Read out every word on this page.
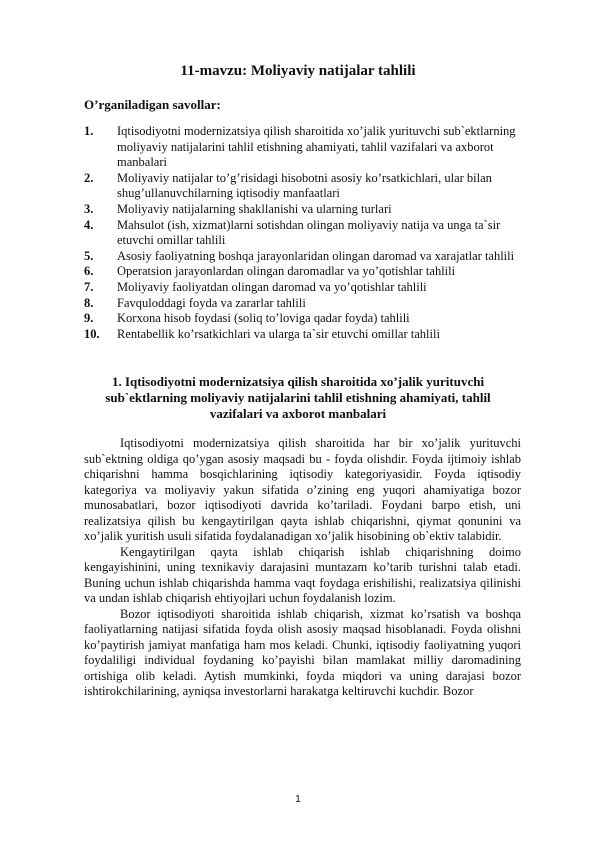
11-mavzu: Moliyaviy natijalar tahlili
O’rganiladigan savollar:
1.	Iqtisodiyotni modernizatsiya qilish sharoitida xo’jalik yurituvchi sub`ektlarning moliyaviy natijalarini tahlil etishning ahamiyati, tahlil vazifalari va axborot manbalari
2.	Moliyaviy natijalar to’g’risidagi hisobotni asosiy ko’rsatkichlari, ular bilan shug’ullanuvchilarning iqtisodiy manfaatlari
3.	Moliyaviy natijalarning shakllanishi va ularning turlari
4.	Mahsulot (ish, xizmat)larni sotishdan olingan moliyaviy natija va unga ta`sir etuvchi omillar tahlili
5.	Asosiy faoliyatning boshqa jarayonlaridan olingan daromad va xarajatlar tahlili
6.	Operatsion jarayonlardan olingan daromadlar va yo’qotishlar tahlili
7.	Moliyaviy faoliyatdan olingan daromad va yo’qotishlar tahlili
8.	Favquloddagi foyda va zararlar tahlili
9.	Korxona hisob foydasi (soliq to’loviga qadar foyda) tahlili
10.	Rentabellik ko’rsatkichlari va ularga ta`sir etuvchi omillar tahlili
1. Iqtisodiyotni modernizatsiya qilish sharoitida xo’jalik yurituvchi sub`ektlarning moliyaviy natijalarini tahlil etishning ahamiyati, tahlil vazifalari va axborot manbalari

Iqtisodiyotni modernizatsiya qilish sharoitida har bir xo’jalik yurituvchi sub`ektning oldiga qo’ygan asosiy maqsadi bu - foyda olishdir. Foyda ijtimoiy ishlab chiqarishni hamma bosqichlarining iqtisodiy kategoriyasidir. Foyda iqtisodiy kategoriya va moliyaviy yakun sifatida o’zining eng yuqori ahamiyatiga bozor munosabatlari, bozor iqtisodiyoti davrida ko’tariladi. Foydani barpo etish, uni realizatsiya qilish bu kengaytirilgan qayta ishlab chiqarishni, qiymat qonunini va xo’jalik yuritish usuli sifatida foydalanadigan xo’jalik hisobining ob`ektiv talabidir.

Kengaytirilgan qayta ishlab chiqarish ishlab chiqarishning doimo kengayishinini, uning texnikaviy darajasini muntazam ko’tarib turishni talab etadi. Buning uchun ishlab chiqarishda hamma vaqt foydaga erishilishi, realizatsiya qilinishi va undan ishlab chiqarish ehtiyojlari uchun foydalanish lozim.

Bozor iqtisodiyoti sharoitida ishlab chiqarish, xizmat ko’rsatish va boshqa faoliyatlarning natijasi sifatida foyda olish asosiy maqsad hisoblanadi. Foyda olishni ko’paytirish jamiyat manfatiga ham mos keladi. Chunki, iqtisodiy faoliyatning yuqori foydaliligi individual foydaning ko’payishi bilan mamlakat milliy daromadining ortishiga olib keladi. Aytish mumkinki, foyda miqdori va uning darajasi bozor ishtirokchilarining, ayniqsa investorlarni harakatga keltiruvchi kuchdir. Bozor

1
